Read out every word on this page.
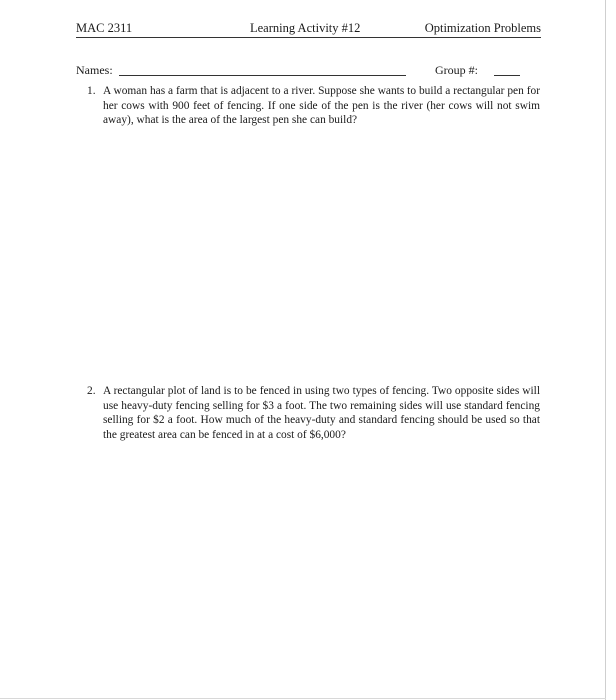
MAC 2311	Learning Activity #12	Optimization Problems
Names:	Group #:
1. A woman has a farm that is adjacent to a river. Suppose she wants to build a rectangular pen for her cows with 900 feet of fencing. If one side of the pen is the river (her cows will not swim away), what is the area of the largest pen she can build?
2. A rectangular plot of land is to be fenced in using two types of fencing. Two opposite sides will use heavy-duty fencing selling for $3 a foot. The two remaining sides will use standard fencing selling for $2 a foot. How much of the heavy-duty and standard fencing should be used so that the greatest area can be fenced in at a cost of $6,000?
